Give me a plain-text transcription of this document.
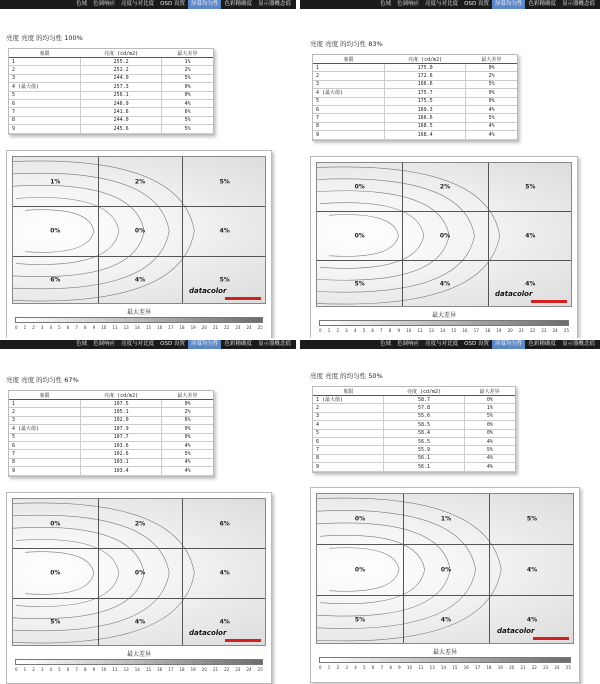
色域	色调响应	亮度与对比度	OSD 设置	屏幕均匀性	色彩精确度	显示器概念值
亮度 亮度 的均匀性 100%
象限	亮度 (cd/m2)	最大差异
1	255.2	1%
2	252.2	2%
3	244.0	5%
4 (最大值)	257.3	0%
5	256.1	0%
6	246.9	4%
7	241.6	6%
8	244.0	5%
9	245.6	5%
1%	2%	5%
0%	0%	4%
6%	4%	5%
datacolor
最大差异
0 1 2 3 4 5 6 7 8 9 10 11 13 14 15 16 17 18 19 20 21 22 23 24 25
色域	色调响应	亮度与对比度	OSD 设置	屏幕均匀性	色彩精确度	显示器概念值
亮度 亮度 的均匀性 83%
象限	亮度 (cd/m2)	最大差异
1	175.0	0%
2	172.6	2%
3	166.6	5%
4 (最大值)	175.7	0%
5	175.5	0%
6	169.3	4%
7	166.6	5%
8	168.5	4%
9	168.4	4%
0%	2%	5%
0%	0%	4%
5%	4%	4%
datacolor
最大差异
0 1 2 3 4 5 6 7 8 9 10 11 13 14 15 16 17 18 19 20 21 22 23 24 25
色域	色调响应	亮度与对比度	OSD 设置	屏幕均匀性	色彩精确度	显示器概念值
亮度 亮度 的均匀性 67%
象限	亮度 (cd/m2)	最大差异
1	107.5	0%
2	105.1	2%
3	102.0	6%
4 (最大值)	107.9	0%
5	107.7	0%
6	103.6	4%
7	102.6	5%
8	103.1	4%
9	103.4	4%
0%	2%	6%
0%	0%	4%
5%	4%	4%
datacolor
最大差异
0 1 2 3 4 5 6 7 8 9 10 11 13 14 15 16 17 18 19 20 21 22 23 24 25
色域	色调响应	亮度与对比度	OSD 设置	屏幕均匀性	色彩精确度	显示器概念值
亮度 亮度 的均匀性 50%
象限	亮度 (cd/m2)	最大差异
1 (最大值)	58.7	0%
2	57.8	1%
3	55.6	5%
4	58.5	0%
5	58.4	0%
6	56.5	4%
7	55.9	5%
8	56.1	4%
9	56.1	4%
0%	1%	5%
0%	0%	4%
5%	4%	4%
datacolor
最大差异
0 1 2 3 4 5 6 7 8 9 10 11 13 14 15 16 17 18 19 20 21 22 23 24 25
